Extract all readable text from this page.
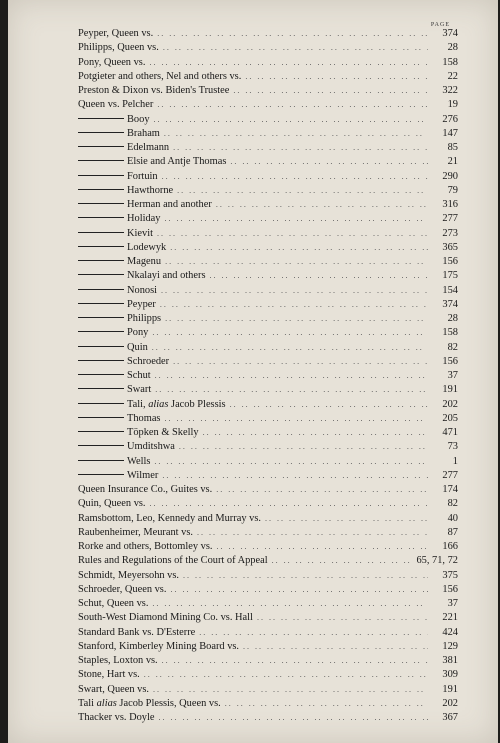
PAGE
Peyper, Queen vs. .. ..	374
Philipps, Queen vs. .. ..	28
Pony, Queen vs. .. ..	158
Potgieter and others, Nel and others vs. .. ..	22
Preston & Dixon vs. Biden's Trustee .. ..	322
Queen vs. Pelcher .. ..	19
Booy .. ..	276
Braham .. ..	147
Edelmann .. ..	85
Elsie and Antje Thomas .. ..	21
Fortuin .. ..	290
Hawthorne .. ..	79
Herman and another .. ..	316
Holiday .. ..	277
Kievit .. ..	273
Lodewyk .. ..	365
Magenu .. ..	156
Nkalayi and others .. ..	175
Nonosi .. ..	154
Peyper .. ..	374
Philipps .. ..	28
Pony .. ..	158
Quin .. ..	82
Schroeder .. ..	156
Schut .. ..	37
Swart .. ..	191
Tali, alias Jacob Plessis .. ..	202
Thomas .. ..	205
Töpken & Skelly .. ..	471
Umditshwa .. ..	73
Wells .. ..	1
Wilmer .. ..	277
Queen Insurance Co., Guites vs. .. ..	174
Quin, Queen vs. .. ..	82
Ramsbottom, Leo, Kennedy and Murray vs. .. ..	40
Raubenheimer, Meurant vs. .. ..	87
Rorke and others, Bottomley vs. .. ..	166
Rules and Regulations of the Court of Appeal .. ..	65, 71, 72
Schmidt, Meyersohn vs. .. ..	375
Schroeder, Queen vs. .. ..	156
Schut, Queen vs. .. ..	37
South-West Diamond Mining Co. vs. Hall .. ..	221
Standard Bank vs. D'Esterre .. ..	424
Stanford, Kimberley Mining Board vs. .. ..	129
Staples, Loxton vs. .. ..	381
Stone, Hart vs. .. ..	309
Swart, Queen vs. .. ..	191
Tali alias Jacob Plessis, Queen vs. .. ..	202
Thacker vs. Doyle .. ..	367
